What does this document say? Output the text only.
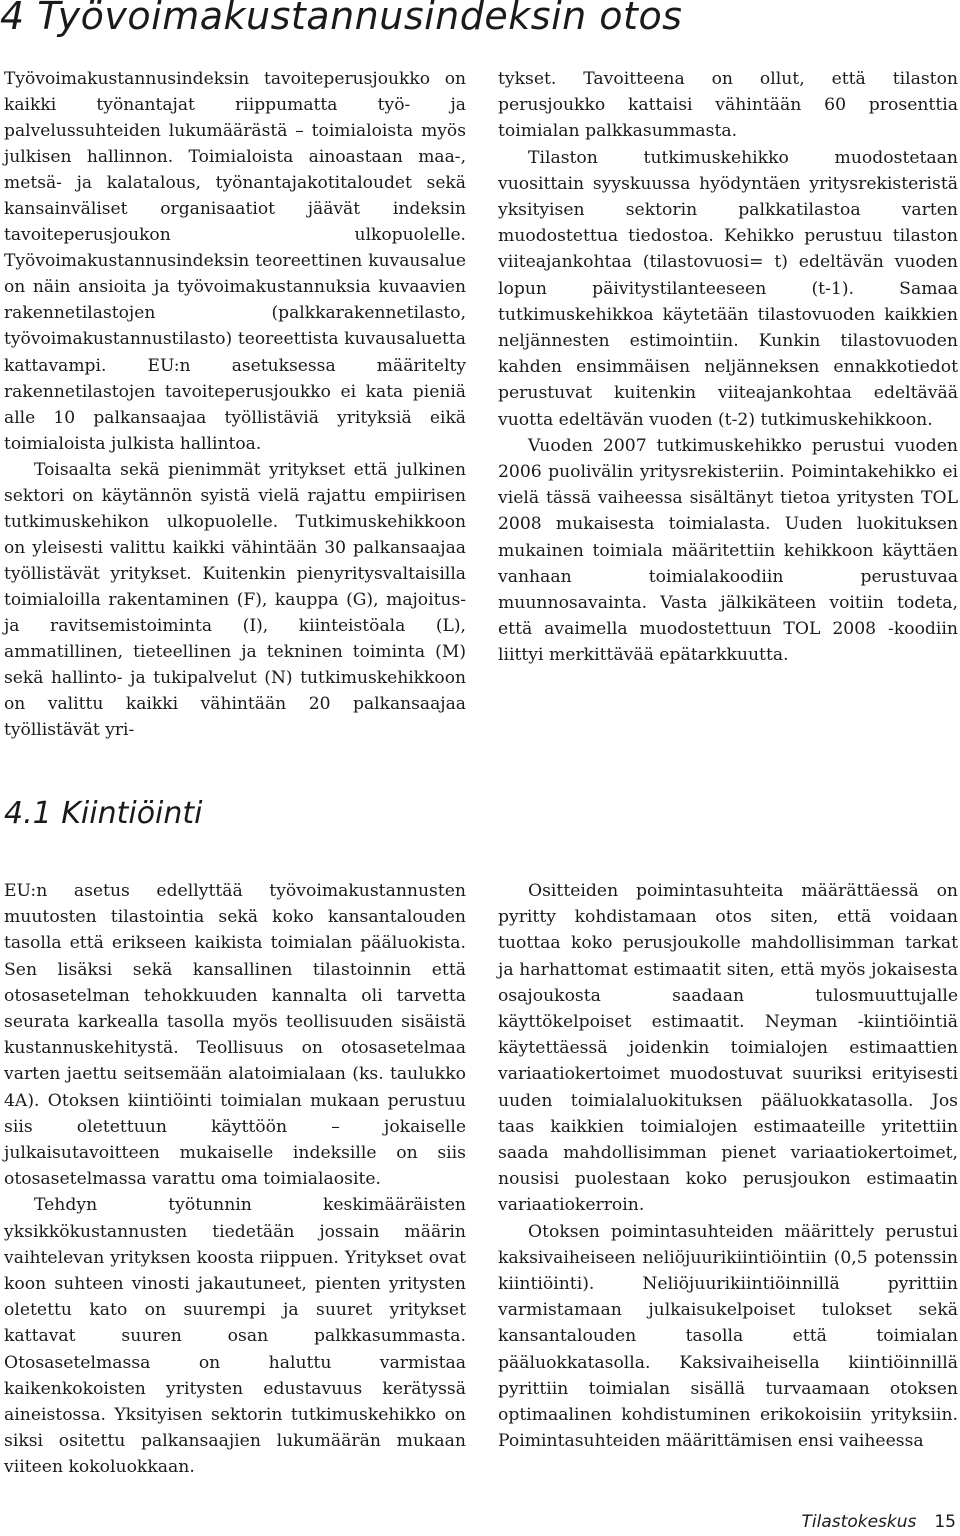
4 Työvoimakustannusindeksin otos

Työvoimakustannusindeksin tavoiteperusjoukko on kaikki työnantajat riippumatta työ- ja palvelussuhteiden lukumäärästä – toimialoista myös julkisen hallinnon. Toimialoista ainoastaan maa-, metsä- ja kalatalous, työnantajakotitaloudet sekä kansainväliset organisaatiot jäävät indeksin tavoiteperusjoukon ulkopuolelle. Työvoimakustannusindeksin teoreettinen kuvausalue on näin ansioita ja työvoimakustannuksia kuvaavien rakennetilastojen (palkkarakennetilasto, työvoimakustannustilasto) teoreettista kuvausaluetta kattavampi. EU:n asetuksessa määritelty rakennetilastojen tavoiteperusjoukko ei kata pieniä alle 10 palkansaajaa työllistäviä yrityksiä eikä toimialoista julkista hallintoa.

Toisaalta sekä pienimmät yritykset että julkinen sektori on käytännön syistä vielä rajattu empiirisen tutkimuskehikon ulkopuolelle. Tutkimuskehikkoon on yleisesti valittu kaikki vähintään 30 palkansaajaa työllistävät yritykset. Kuitenkin pienyritysvaltaisilla toimialoilla rakentaminen (F), kauppa (G), majoitus- ja ravitsemistoiminta (I), kiinteistöala (L), ammatillinen, tieteellinen ja tekninen toiminta (M) sekä hallinto- ja tukipalvelut (N) tutkimuskehikkoon on valittu kaikki vähintään 20 palkansaajaa työllistävät yri-

tykset. Tavoitteena on ollut, että tilaston perusjoukko kattaisi vähintään 60 prosenttia toimialan palkkasummasta.

Tilaston tutkimuskehikko muodostetaan vuosittain syyskuussa hyödyntäen yritysrekisteristä yksityisen sektorin palkkatilastoa varten muodostettua tiedostoa. Kehikko perustuu tilaston viiteajankohtaa (tilastovuosi= t) edeltävän vuoden lopun päivitystilanteeseen (t-1). Samaa tutkimuskehikkoa käytetään tilastovuoden kaikkien neljännesten estimointiin. Kunkin tilastovuoden kahden ensimmäisen neljänneksen ennakkotiedot perustuvat kuitenkin viiteajankohtaa edeltävää vuotta edeltävän vuoden (t-2) tutkimuskehikkoon.

Vuoden 2007 tutkimuskehikko perustui vuoden 2006 puolivälin yritysrekisteriin. Poimintakehikko ei vielä tässä vaiheessa sisältänyt tietoa yritysten TOL 2008 mukaisesta toimialasta. Uuden luokituksen mukainen toimiala määritettiin kehikkoon käyttäen vanhaan toimialakoodiin perustuvaa muunnosavainta. Vasta jälkikäteen voitiin todeta, että avaimella muodostettuun TOL 2008 -koodiin liittyi merkittävää epätarkkuutta.

4.1 Kiintiöinti

EU:n asetus edellyttää työvoimakustannusten muutosten tilastointia sekä koko kansantalouden tasolla että erikseen kaikista toimialan pääluokista. Sen lisäksi sekä kansallinen tilastoinnin että otosasetelman tehokkuuden kannalta oli tarvetta seurata karkealla tasolla myös teollisuuden sisäistä kustannuskehitystä. Teollisuus on otosasetelmaa varten jaettu seitsemään alatoimialaan (ks. taulukko 4A). Otoksen kiintiöinti toimialan mukaan perustuu siis oletettuun käyttöön – jokaiselle julkaisutavoitteen mukaiselle indeksille on siis otosasetelmassa varattu oma toimialaosite.

Tehdyn työtunnin keskimääräisten yksikkökustannusten tiedetään jossain määrin vaihtelevan yrityksen koosta riippuen. Yritykset ovat koon suhteen vinosti jakautuneet, pienten yritysten oletettu kato on suurempi ja suuret yritykset kattavat suuren osan palkkasummasta. Otosasetelmassa on haluttu varmistaa kaikenkokoisten yritysten edustavuus kerätyssä aineistossa. Yksityisen sektorin tutkimuskehikko on siksi ositettu palkansaajien lukumäärän mukaan viiteen kokoluokkaan.

Ositteiden poimintasuhteita määrättäessä on pyritty kohdistamaan otos siten, että voidaan tuottaa koko perusjoukolle mahdollisimman tarkat ja harhattomat estimaatit siten, että myös jokaisesta osajoukosta saadaan tulosmuuttujalle käyttökelpoiset estimaatit. Neyman -kiintiöintiä käytettäessä joidenkin toimialojen estimaattien variaatiokertoimet muodostuvat suuriksi erityisesti uuden toimialaluokituksen pääluokkatasolla. Jos taas kaikkien toimialojen estimaateille yritettiin saada mahdollisimman pienet variaatiokertoimet, nousisi puolestaan koko perusjoukon estimaatin variaatiokerroin.

Otoksen poimintasuhteiden määrittely perustui kaksivaiheiseen neliöjuurikiintiöintiin (0,5 potenssin kiintiöinti). Neliöjuurikiintiöinnillä pyrittiin varmistamaan julkaisukelpoiset tulokset sekä kansantalouden tasolla että toimialan pääluokkatasolla. Kaksivaiheisella kiintiöinnillä pyrittiin toimialan sisällä turvaamaan otoksen optimaalinen kohdistuminen erikokoisiin yrityksiin. Poimintasuhteiden määrittämisen ensi vaiheessa

Tilastokeskus 15
